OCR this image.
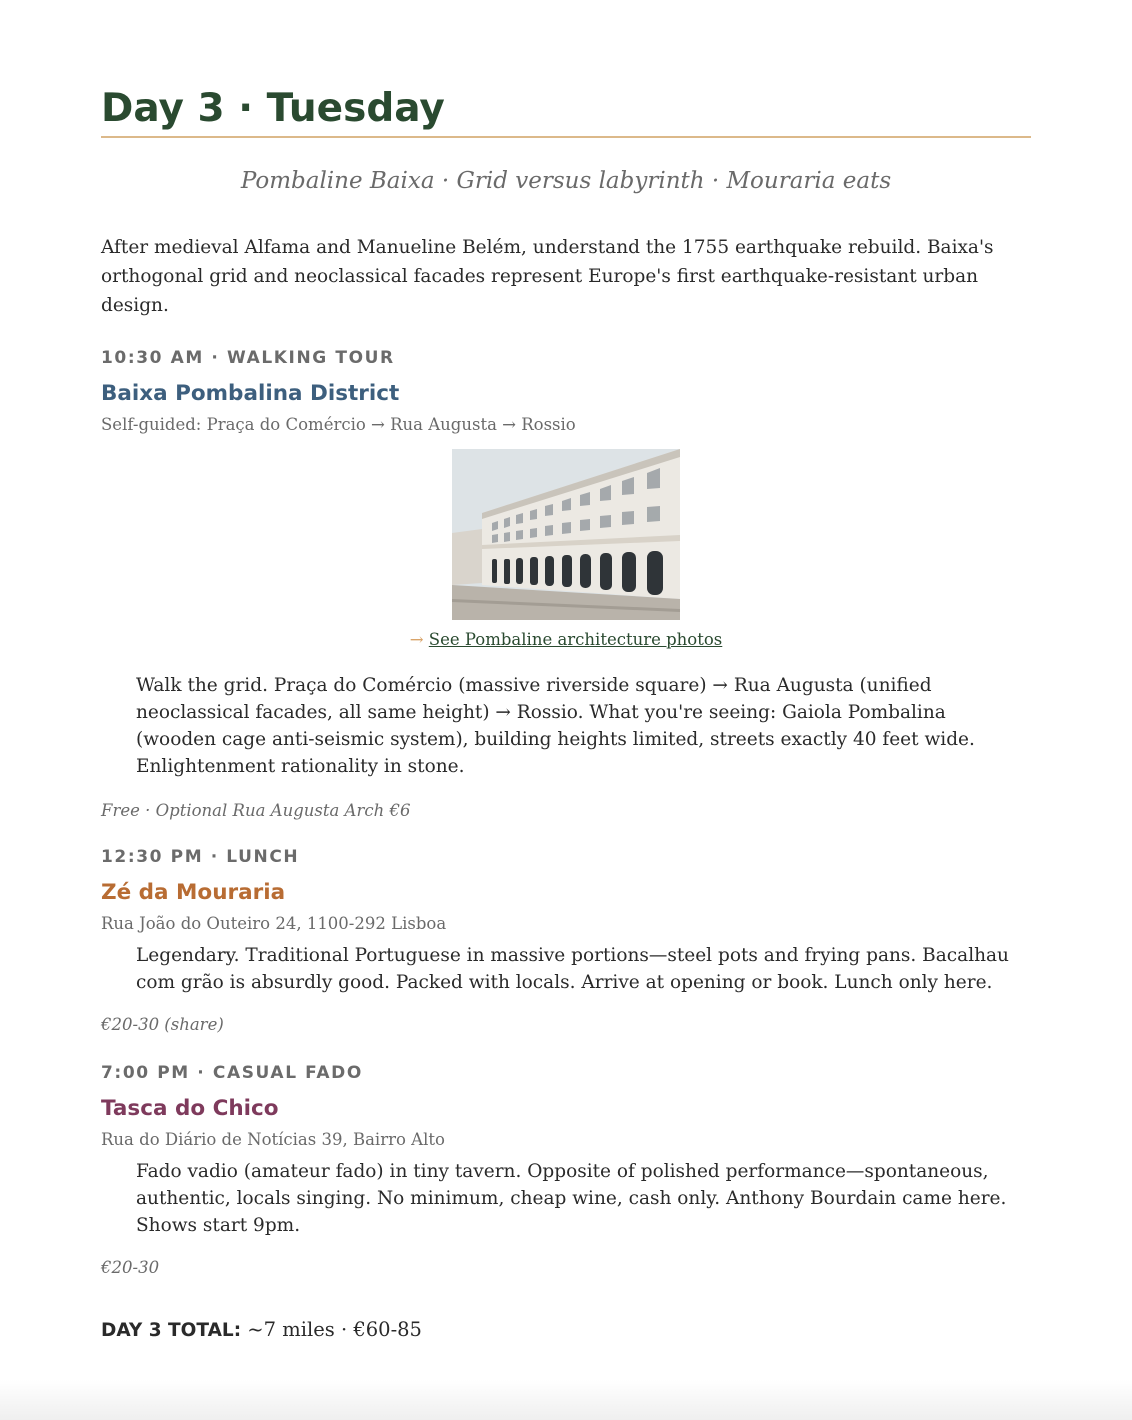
Day 3 · Tuesday
Pombaline Baixa · Grid versus labyrinth · Mouraria eats

After medieval Alfama and Manueline Belém, understand the 1755 earthquake rebuild. Baixa's orthogonal grid and neoclassical facades represent Europe's first earthquake-resistant urban design.

10:30 AM · WALKING TOUR
Baixa Pombalina District
Self-guided: Praça do Comércio → Rua Augusta → Rossio
→ See Pombaline architecture photos

Walk the grid. Praça do Comércio (massive riverside square) → Rua Augusta (unified neoclassical facades, all same height) → Rossio. What you're seeing: Gaiola Pombalina (wooden cage anti-seismic system), building heights limited, streets exactly 40 feet wide. Enlightenment rationality in stone.

Free · Optional Rua Augusta Arch €6
12:30 PM · LUNCH
Zé da Mouraria
Rua João do Outeiro 24, 1100-292 Lisboa

Legendary. Traditional Portuguese in massive portions—steel pots and frying pans. Bacalhau com grão is absurdly good. Packed with locals. Arrive at opening or book. Lunch only here.

€20-30 (share)
7:00 PM · CASUAL FADO
Tasca do Chico
Rua do Diário de Notícias 39, Bairro Alto

Fado vadio (amateur fado) in tiny tavern. Opposite of polished performance—spontaneous, authentic, locals singing. No minimum, cheap wine, cash only. Anthony Bourdain came here. Shows start 9pm.

€20-30
DAY 3 TOTAL: ~7 miles · €60-85
